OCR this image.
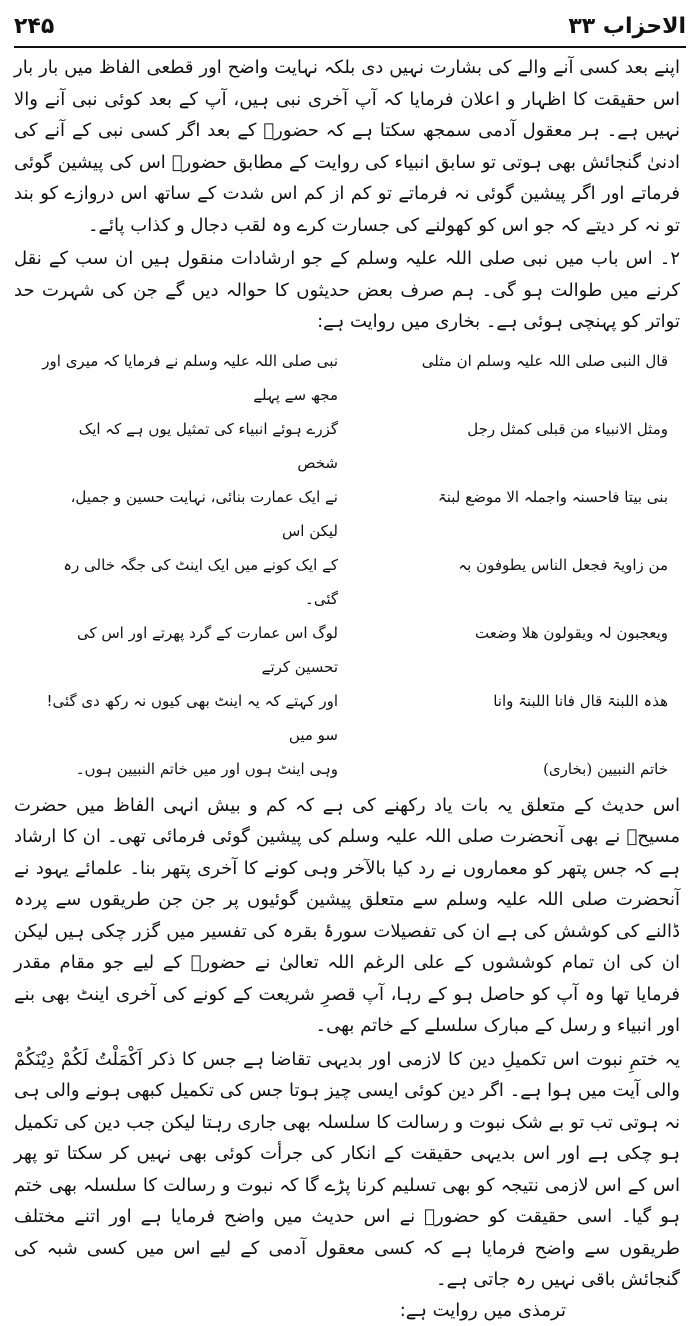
۲۴۵	الاحزاب ۳۳

اپنے بعد کسی آنے والے کی بشارت نہیں دی بلکہ نہایت واضح اور قطعی الفاظ میں بار بار اس حقیقت کا اظہار و اعلان فرمایا کہ آپ آخری نبی ہیں، آپ کے بعد کوئی نبی آنے والا نہیں ہے۔ ہر معقول آدمی سمجھ سکتا ہے کہ حضورؐ کے بعد اگر کسی نبی کے آنے کی ادنیٰ گنجائش بھی ہوتی تو سابق انبیاء کی روایت کے مطابق حضورؐ اس کی پیشین گوئی فرماتے اور اگر پیشین گوئی نہ فرماتے تو کم از کم اس شدت کے ساتھ اس دروازے کو بند تو نہ کر دیتے کہ جو اس کو کھولنے کی جسارت کرے وہ لقب دجال و کذاب پائے۔

۲۔ اس باب میں نبی صلی اللہ علیہ وسلم کے جو ارشادات منقول ہیں ان سب کے نقل کرنے میں طوالت ہو گی۔ ہم صرف بعض حدیثوں کا حوالہ دیں گے جن کی شہرت حد تواتر کو پہنچی ہوئی ہے۔ بخاری میں روایت ہے:

قال النبی صلی اللہ علیہ وسلم ان مثلی
نبی صلی اللہ علیہ وسلم نے فرمایا کہ میری اور مجھ سے پہلے
ومثل الانبیاء من قبلی کمثل رجل
گزرے ہوئے انبیاء کی تمثیل یوں ہے کہ ایک شخص
بنی بیتا فاحسنہ واجملہ الا موضع لبنۃ
نے ایک عمارت بنائی، نہایت حسین و جمیل، لیکن اس
من زاویۃ فجعل الناس یطوفون بہ
کے ایک کونے میں ایک اینٹ کی جگہ خالی رہ گئی۔
ویعجبون لہ ویقولون ھلا وضعت
لوگ اس عمارت کے گرد پھرتے اور اس کی تحسین کرتے
ھذہ اللبنۃ قال فانا اللبنۃ وانا
اور کہتے کہ یہ اینٹ بھی کیوں نہ رکھ دی گئی! سو میں
خاتم النبیین (بخاری)
وہی اینٹ ہوں اور میں خاتم النبیین ہوں۔

اس حدیث کے متعلق یہ بات یاد رکھنے کی ہے کہ کم و بیش انہی الفاظ میں حضرت مسیحؑ نے بھی آنحضرت صلی اللہ علیہ وسلم کی پیشین گوئی فرمائی تھی۔ ان کا ارشاد ہے کہ جس پتھر کو معماروں نے رد کیا بالآخر وہی کونے کا آخری پتھر بنا۔ علمائے یہود نے آنحضرت صلی اللہ علیہ وسلم سے متعلق پیشین گوئیوں پر جن جن طریقوں سے پردہ ڈالنے کی کوشش کی ہے ان کی تفصیلات سورۂ بقرہ کی تفسیر میں گزر چکی ہیں لیکن ان کی ان تمام کوششوں کے علی الرغم اللہ تعالیٰ نے حضورؐ کے لیے جو مقام مقدر فرمایا تھا وہ آپ کو حاصل ہو کے رہا، آپ قصرِ شریعت کے کونے کی آخری اینٹ بھی بنے اور انبیاء و رسل کے مبارک سلسلے کے خاتم بھی۔

یہ ختمِ نبوت اس تکمیلِ دین کا لازمی اور بدیہی تقاضا ہے جس کا ذکر اَکْمَلْتُ لَکُمْ دِیْنَکُمْ والی آیت میں ہوا ہے۔ اگر دین کوئی ایسی چیز ہوتا جس کی تکمیل کبھی ہونے والی ہی نہ ہوتی تب تو بے شک نبوت و رسالت کا سلسلہ بھی جاری رہتا لیکن جب دین کی تکمیل ہو چکی ہے اور اس بدیہی حقیقت کے انکار کی جرأت کوئی بھی نہیں کر سکتا تو پھر اس کے اس لازمی نتیجہ کو بھی تسلیم کرنا پڑے گا کہ نبوت و رسالت کا سلسلہ بھی ختم ہو گیا۔ اسی حقیقت کو حضورؐ نے اس حدیث میں واضح فرمایا ہے اور اتنے مختلف طریقوں سے واضح فرمایا ہے کہ کسی معقول آدمی کے لیے اس میں کسی شبہ کی گنجائش باقی نہیں رہ جاتی ہے۔

ترمذی میں روایت ہے:
